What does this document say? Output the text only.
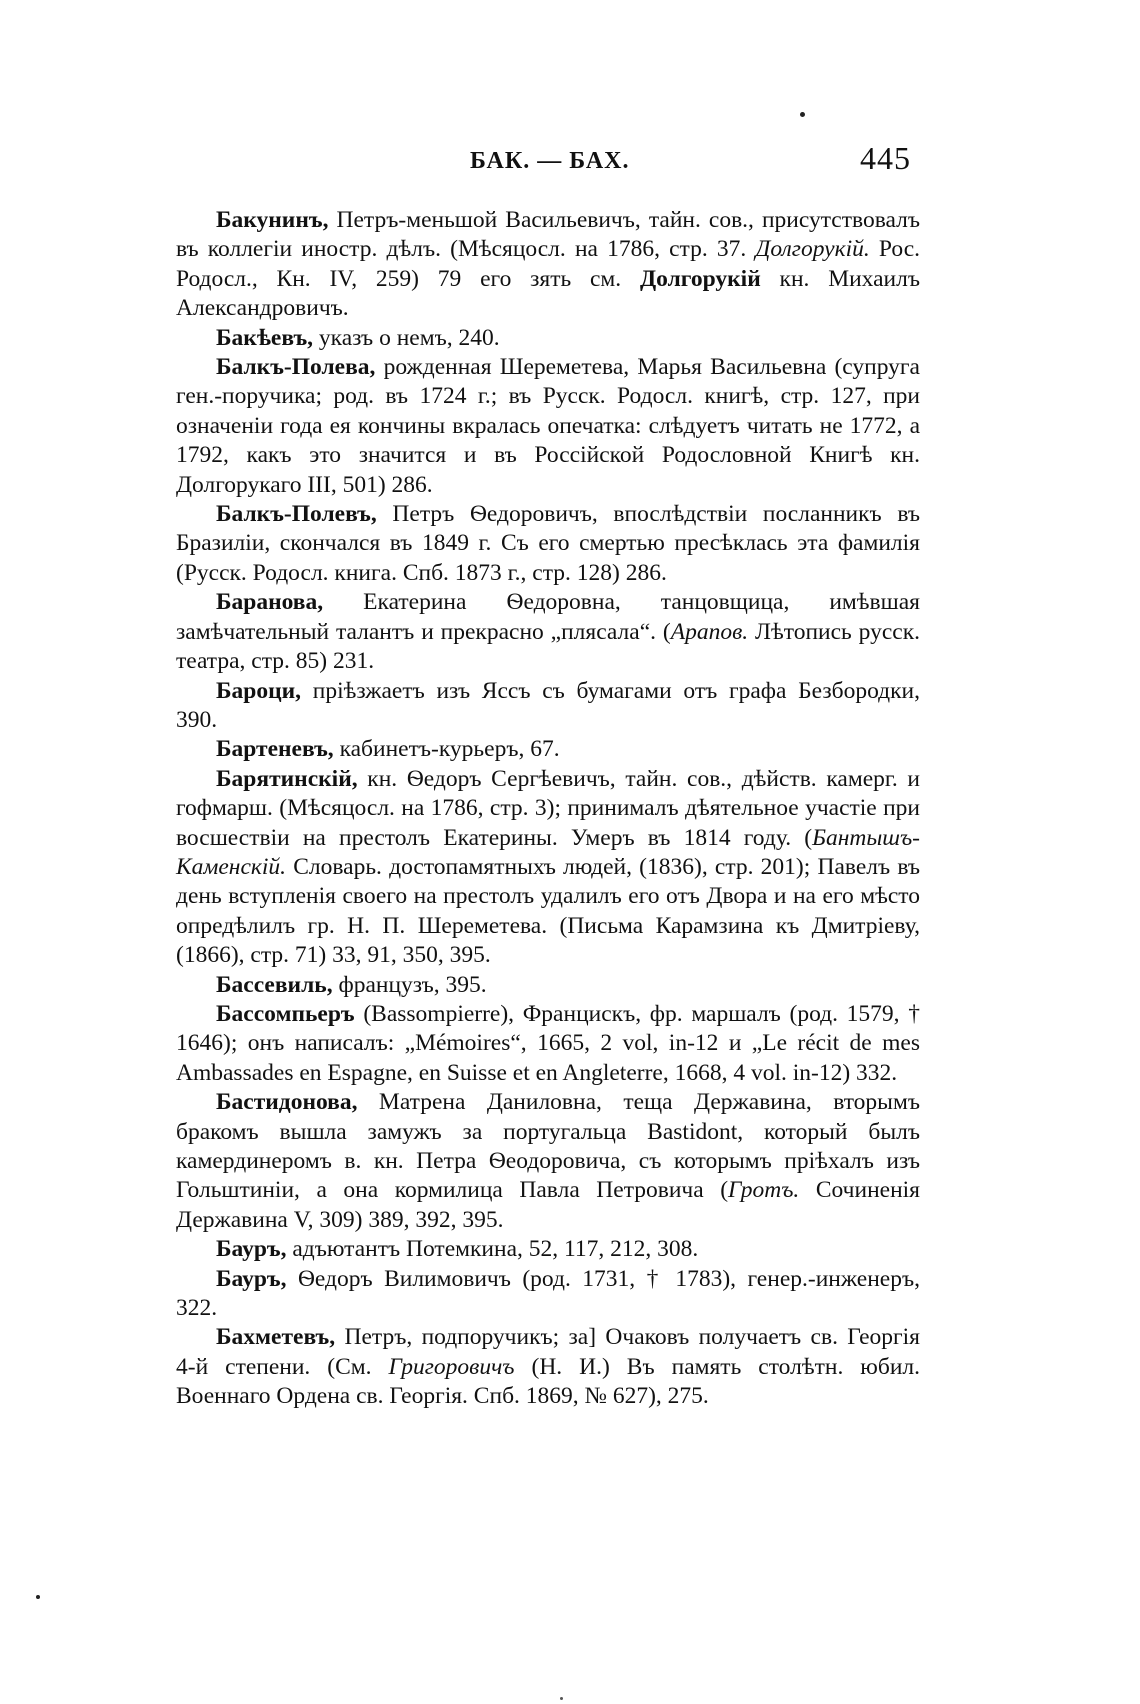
БАК. — БАХ.	445

Бакунинъ, Петръ-меньшой Васильевичъ, тайн. сов., присутствовалъ въ коллегіи иностр. дѣлъ. (Мѣсяцосл. на 1786, стр. 37. Долгорукій. Рос. Родосл., Кн. IV, 259) 79 его зять см. Долгорукій кн. Михаилъ Александровичъ.

Бакѣевъ, указъ о немъ, 240.

Балкъ-Полева, рожденная Шереметева, Марья Васильевна (супруга ген.-поручика; род. въ 1724 г.; въ Русск. Родосл. книгѣ, стр. 127, при означеніи года ея кончины вкралась опечатка: слѣдуетъ читать не 1772, а 1792, какъ это значится и въ Россійской Родословной Книгѣ кн. Долгорукаго III, 501) 286.

Балкъ-Полевъ, Петръ Ѳедоровичъ, впослѣдствіи посланникъ въ Бразиліи, скончался въ 1849 г. Съ его смертью пресѣклась эта фамилія (Русск. Родосл. книга. Спб. 1873 г., стр. 128) 286.

Баранова, Екатерина Ѳедоровна, танцовщица, имѣвшая замѣчательный талантъ и прекрасно „плясала“. (Арапов. Лѣтопись русск. театра, стр. 85) 231.

Бароци, пріѣзжаетъ изъ Яссъ съ бумагами отъ графа Безбородки, 390.

Бартеневъ, кабинетъ-курьеръ, 67.

Барятинскій, кн. Ѳедоръ Сергѣевичъ, тайн. сов., дѣйств. камерг. и гофмарш. (Мѣсяцосл. на 1786, стр. 3); принималъ дѣятельное участіе при восшествіи на престолъ Екатерины. Умеръ въ 1814 году. (Бантышъ-Каменскій. Словарь. достопамятныхъ людей, (1836), стр. 201); Павелъ въ день вступленія своего на престолъ удалилъ его отъ Двора и на его мѣсто опредѣлилъ гр. Н. П. Шереметева. (Письма Карамзина къ Дмитріеву, (1866), стр. 71) 33, 91, 350, 395.

Бассевиль, французъ, 395.

Бассомпьеръ (Bassompierre), Францискъ, фр. маршалъ (род. 1579, † 1646); онъ написалъ: „Mémoires“, 1665, 2 vol, in-12 и „Le récit de mes Ambassades en Espagne, en Suisse et en Angleterre, 1668, 4 vol. in-12) 332.

Бастидонова, Матрена Даниловна, теща Державина, вторымъ бракомъ вышла замужъ за португальца Bastidont, который былъ камердинеромъ в. кн. Петра Ѳеодоровича, съ которымъ пріѣхалъ изъ Гольштиніи, а она кормилица Павла Петровича (Гротъ. Сочиненія Державина V, 309) 389, 392, 395.

Бауръ, адъютантъ Потемкина, 52, 117, 212, 308.

Бауръ, Ѳедоръ Вилимовичъ (род. 1731, † 1783), генер.-инженеръ, 322.

Бахметевъ, Петръ, подпоручикъ; за] Очаковъ получаетъ св. Георгія 4-й степени. (См. Григоровичъ (Н. И.) Въ память столѣтн. юбил. Военнаго Ордена св. Георгія. Спб. 1869, № 627), 275.
